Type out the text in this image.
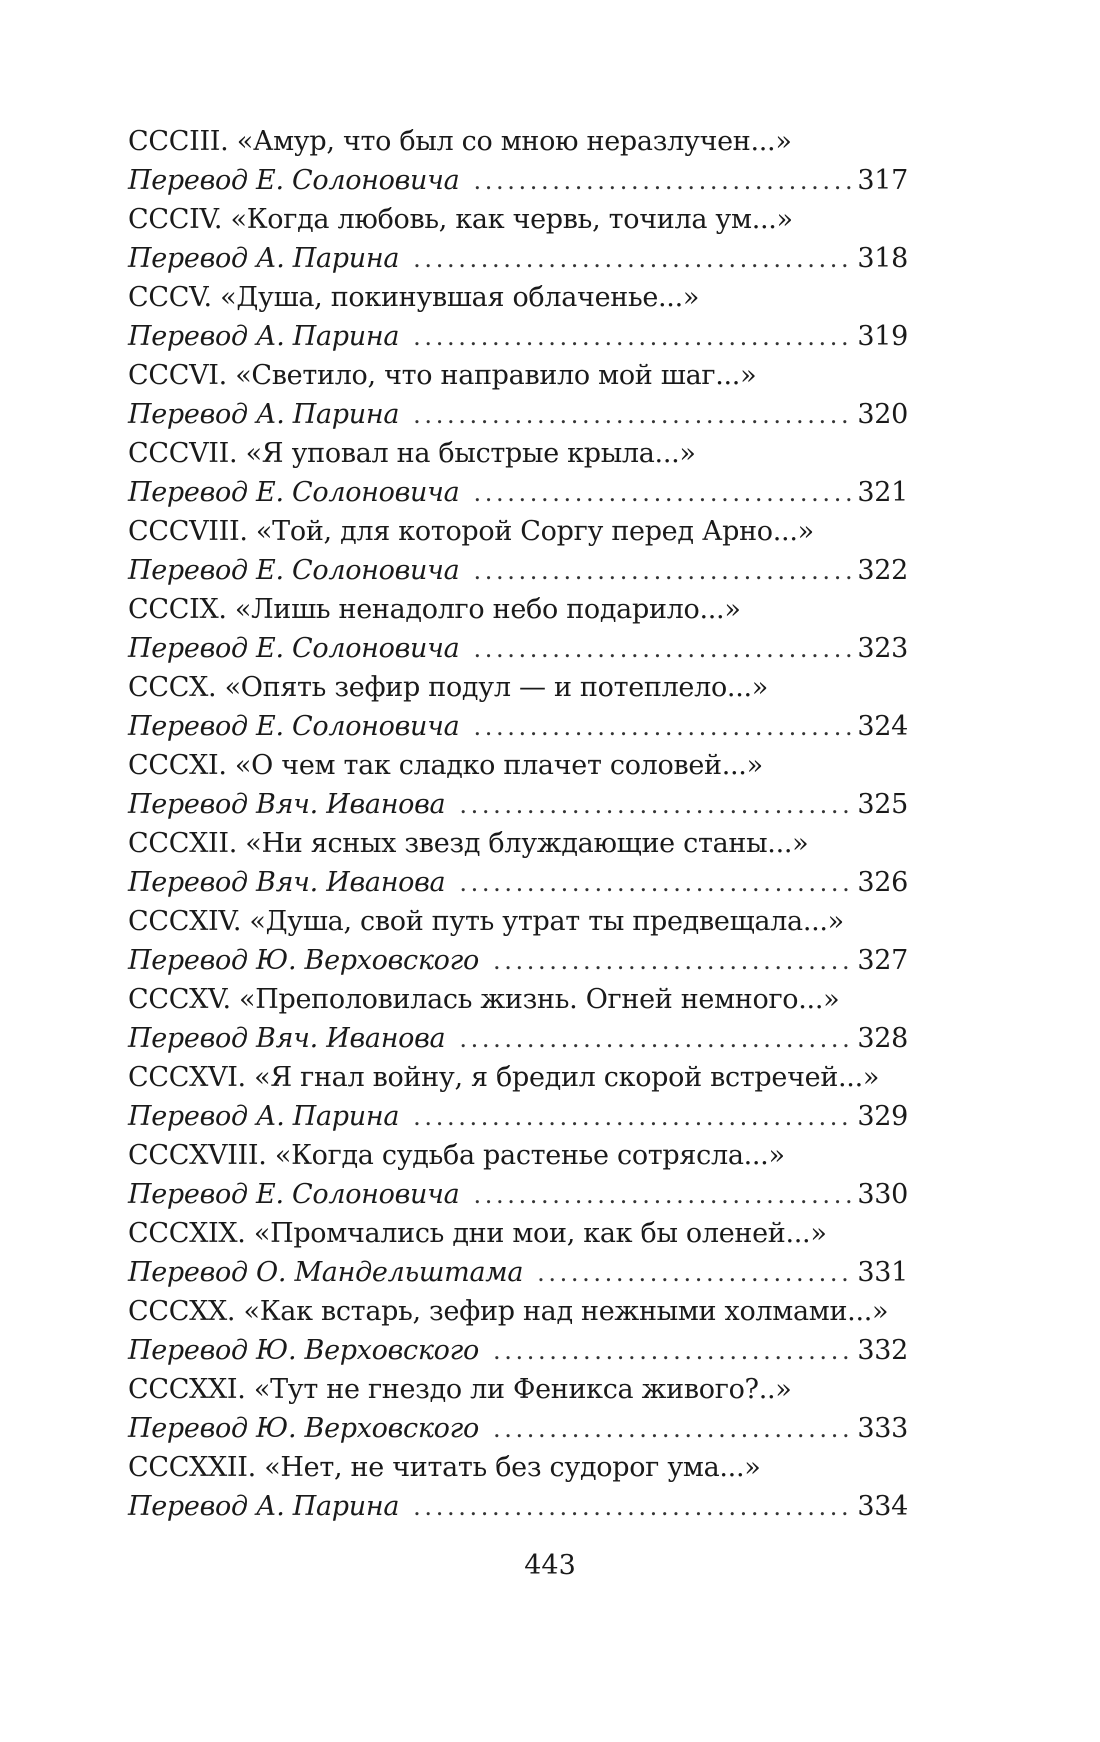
CCCIII. «Амур, что был со мною неразлучен...»
Перевод Е. Солоновича . . .	317
CCCIV. «Когда любовь, как червь, точила ум...»
Перевод А. Парина . . .	318
CCCV. «Душа, покинувшая облаченье...»
Перевод А. Парина . . .	319
CCCVI. «Светило, что направило мой шаг...»
Перевод А. Парина . . .	320
CCCVII. «Я уповал на быстрые крыла...»
Перевод Е. Солоновича . . .	321
CCCVIII. «Той, для которой Соргу перед Арно...»
Перевод Е. Солоновича . . .	322
CCCIX. «Лишь ненадолго небо подарило...»
Перевод Е. Солоновича . . .	323
CCCX. «Опять зефир подул — и потеплело...»
Перевод Е. Солоновича . . .	324
CCCXI. «О чем так сладко плачет соловей...»
Перевод Вяч. Иванова . . .	325
CCCXII. «Ни ясных звезд блуждающие станы...»
Перевод Вяч. Иванова . . .	326
CCCXIV. «Душа, свой путь утрат ты предвещала...»
Перевод Ю. Верховского . . .	327
CCCXV. «Преполовилась жизнь. Огней немного...»
Перевод Вяч. Иванова . . .	328
CCCXVI. «Я гнал войну, я бредил скорой встречей...»
Перевод А. Парина . . .	329
CCCXVIII. «Когда судьба растенье сотрясла...»
Перевод Е. Солоновича . . .	330
CCCXIX. «Промчались дни мои, как бы оленей...»
Перевод О. Мандельштама . . .	331
CCCXX. «Как встарь, зефир над нежными холмами...»
Перевод Ю. Верховского . . .	332
CCCXXI. «Тут не гнездо ли Феникса живого?..»
Перевод Ю. Верховского . . .	333
CCCXXII. «Нет, не читать без судорог ума...»
Перевод А. Парина . . .	334
443
